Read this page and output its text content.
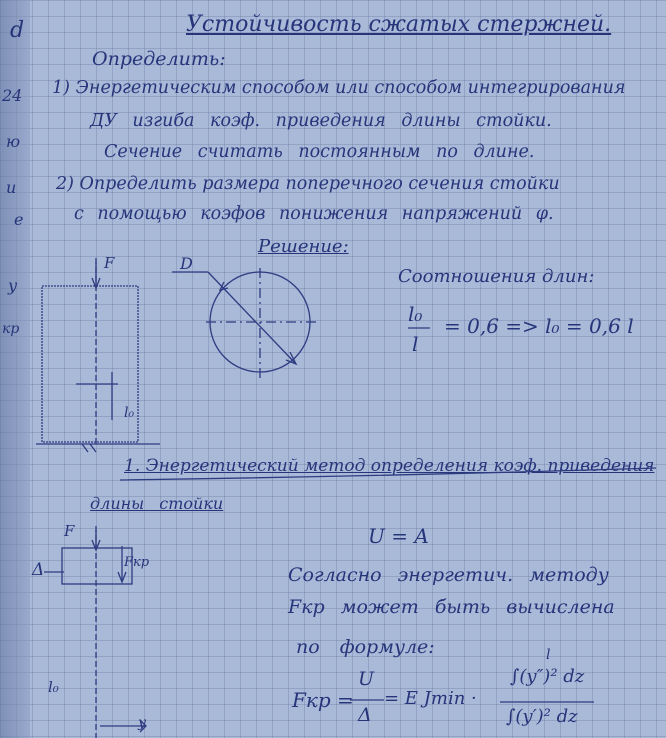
d
24
ю
u
е
y
кр
Устойчивость сжатых стержней.
Определить:
1) Энергетическим способом или способом интегрирования
ДУ изгиба коэф. приведения длины стойки.
Сечение считать постоянным по длине.
2) Определить размера поперечного сечения стойки
с помощью коэфов понижения напряжений φ.
Решение:
Соотношения длин:
l₀
l
= 0,6 => l₀ = 0,6 l
F
l₀
D
1. Энергетический метод определения коэф. приведения
длины стойки
U = A
Согласно энергетич. методу
Fкр может быть вычислена
по формуле:
F
Fкр
Δ
l₀
y
Fкр =
U
Δ
= E Jmin ·
∫(y″)² dz
∫(y′)² dz
l
